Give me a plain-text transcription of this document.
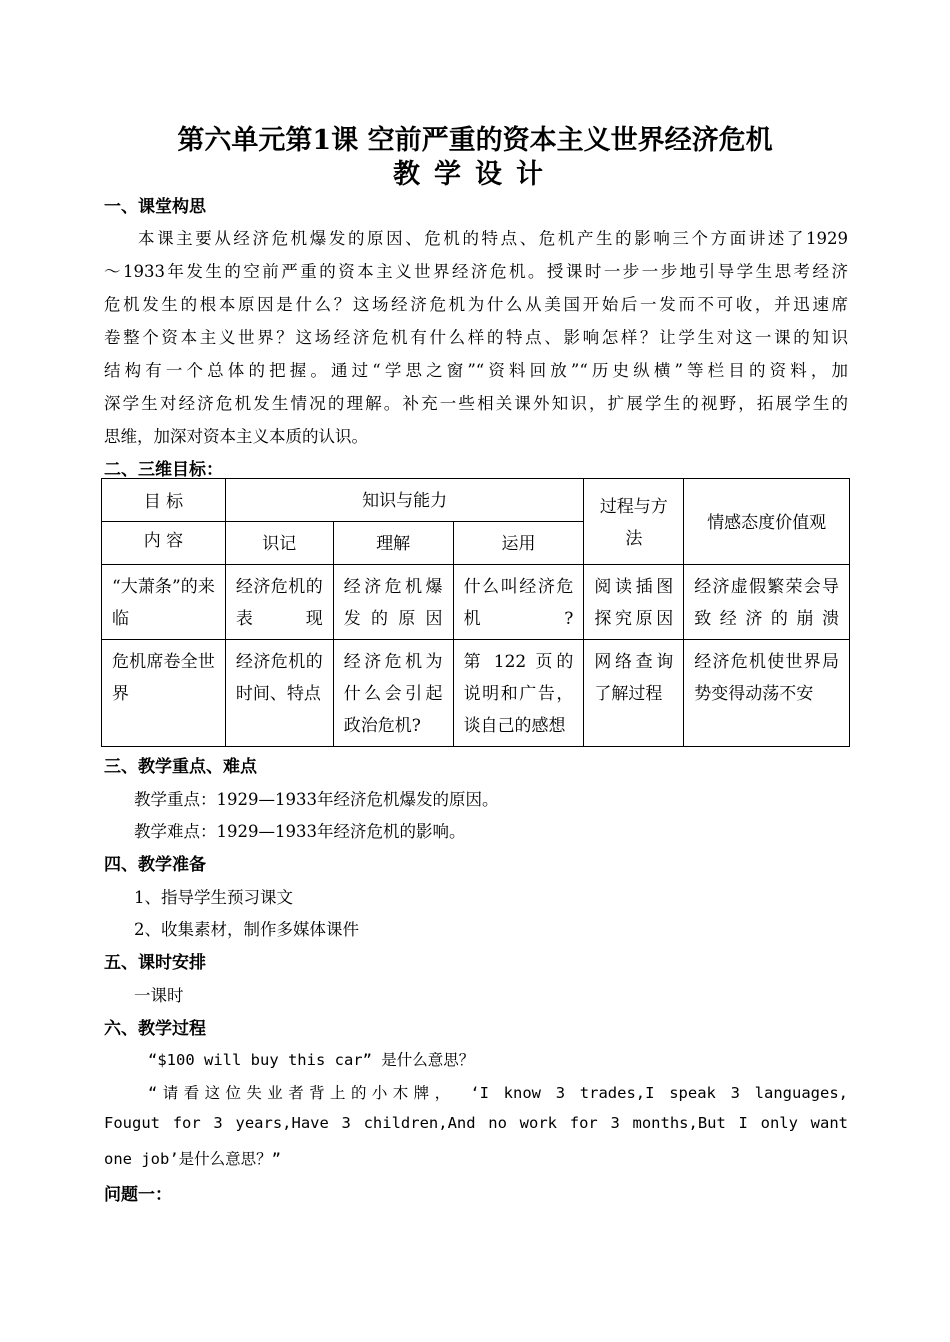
第六单元第1课 空前严重的资本主义世界经济危机
教学设计
一、课堂构思
本课主要从经济危机爆发的原因、危机的特点、危机产生的影响三个方面讲述了1929
～1933年发生的空前严重的资本主义世界经济危机。授课时一步一步地引导学生思考经济
危机发生的根本原因是什么？这场经济危机为什么从美国开始后一发而不可收，并迅速席
卷整个资本主义世界？这场经济危机有什么样的特点、影响怎样？让学生对这一课的知识
结构有一个总体的把握。通过“学思之窗”“资料回放”“历史纵横”等栏目的资料，加
深学生对经济危机发生情况的理解。补充一些相关课外知识，扩展学生的视野，拓展学生的
思维，加深对资本主义本质的认识。
二、三维目标：
目 标	知识与能力			过程与方法	情感态度价值观
内 容	识记	理解	运用		
“大萧条”的来临	经济危机的表现	经济危机爆发的原因	什么叫经济危机?	阅读插图探究原因	经济虚假繁荣会导致经济的崩溃
危机席卷全世界	经济危机的时间、特点	经济危机为什么会引起政治危机?	第 122 页的说明和广告，谈自己的感想	网络查询了解过程	经济危机使世界局势变得动荡不安
三、教学重点、难点
教学重点：1929—1933年经济危机爆发的原因。
教学难点：1929—1933年经济危机的影响。
四、教学准备
1、指导学生预习课文
2、收集素材，制作多媒体课件
五、课时安排
一课时
六、教学过程
“$100 will buy this car” 是什么意思？
“请看这位失业者背上的小木牌， ‘I know 3 trades,I speak 3 languages,
Fougut for 3 years,Have 3 children,And no work for 3 months,But I only want
one job’是什么意思？”
问题一：
